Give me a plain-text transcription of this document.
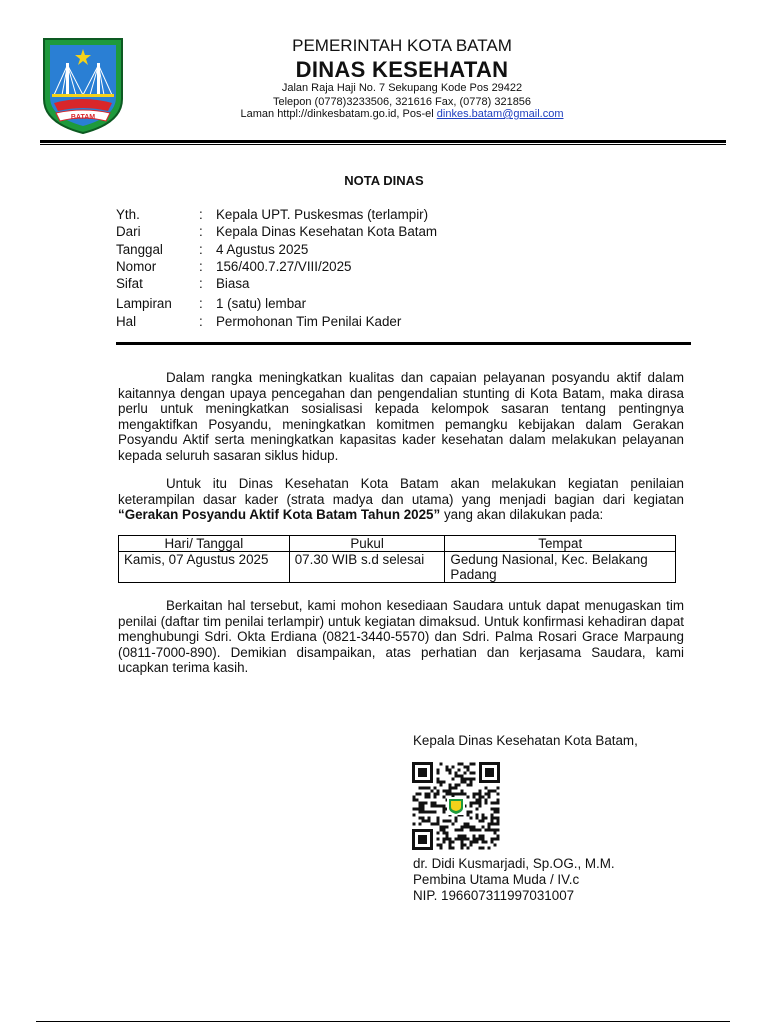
BATAM
PEMERINTAH KOTA BATAM
DINAS KESEHATAN
Jalan Raja Haji No. 7 Sekupang Kode Pos 29422
Telepon (0778)3233506, 321616 Fax, (0778) 321856
Laman httpl://dinkesbatam.go.id, Pos-el dinkes.batam@gmail.com
NOTA DINAS
Yth.	: Kepala UPT. Puskesmas (terlampir)
Dari	: Kepala Dinas Kesehatan Kota Batam
Tanggal	: 4 Agustus 2025
Nomor	: 156/400.7.27/VIII/2025
Sifat	: Biasa
Lampiran : 1 (satu) lembar
Hal	: Permohonan Tim Penilai Kader

Dalam rangka meningkatkan kualitas dan capaian pelayanan posyandu aktif dalam kaitannya dengan upaya pencegahan dan pengendalian stunting di Kota Batam, maka dirasa perlu untuk meningkatkan sosialisasi kepada kelompok sasaran tentang pentingnya mengaktifkan Posyandu, meningkatkan komitmen pemangku kebijakan dalam Gerakan Posyandu Aktif serta meningkatkan kapasitas kader kesehatan dalam melakukan pelayanan kepada seluruh sasaran siklus hidup.

Untuk itu Dinas Kesehatan Kota Batam akan melakukan kegiatan penilaian keterampilan dasar kader (strata madya dan utama) yang menjadi bagian dari kegiatan “Gerakan Posyandu Aktif Kota Batam Tahun 2025” yang akan dilakukan pada:

Hari/ Tanggal	Pukul	Tempat
Kamis, 07 Agustus 2025	07.30 WIB s.d selesai	Gedung Nasional, Kec. Belakang Padang

Berkaitan hal tersebut, kami mohon kesediaan Saudara untuk dapat menugaskan tim penilai (daftar tim penilai terlampir) untuk kegiatan dimaksud. Untuk konfirmasi kehadiran dapat menghubungi Sdri. Okta Erdiana (0821-3440-5570) dan Sdri. Palma Rosari Grace Marpaung (0811-7000-890). Demikian disampaikan, atas perhatian dan kerjasama Saudara, kami ucapkan terima kasih.

Kepala Dinas Kesehatan Kota Batam,
dr. Didi Kusmarjadi, Sp.OG., M.M.
Pembina Utama Muda / IV.c
NIP. 196607311997031007
